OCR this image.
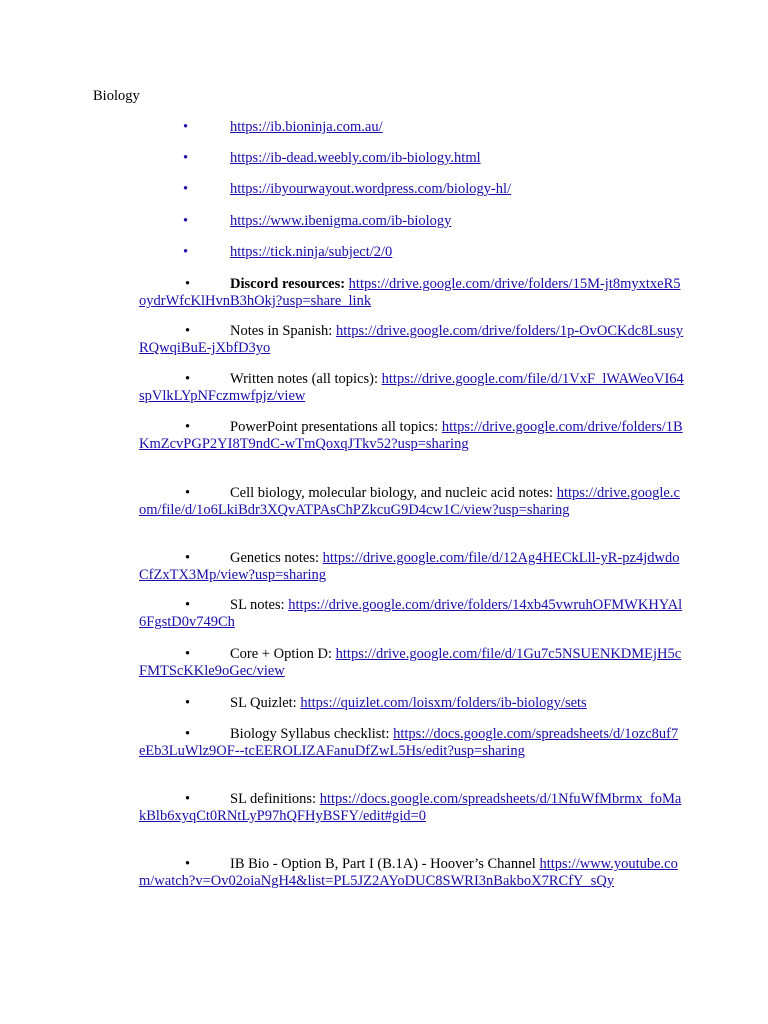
Biology
•	https://ib.bioninja.com.au/
•	https://ib-dead.weebly.com/ib-biology.html
•	https://ibyourwayout.wordpress.com/biology-hl/
•	https://www.ibenigma.com/ib-biology
•	https://tick.ninja/subject/2/0
•	Discord resources: https://drive.google.com/drive/folders/15M-jt8myxtxeR5oydrWfcKlHvnB3hOkj?usp=share_link
•	Notes in Spanish: https://drive.google.com/drive/folders/1p-OvOCKdc8LsusyRQwqiBuE-jXbfD3yo
•	Written notes (all topics): https://drive.google.com/file/d/1VxF_lWAWeoVI64spVlkLYpNFczmwfpjz/view
•	PowerPoint presentations all topics: https://drive.google.com/drive/folders/1BKmZcvPGP2YI8T9ndC-wTmQoxqJTkv52?usp=sharing
•	Cell biology, molecular biology, and nucleic acid notes: https://drive.google.com/file/d/1o6LkiBdr3XQvATPAsChPZkcuG9D4cw1C/view?usp=sharing
•	Genetics notes: https://drive.google.com/file/d/12Ag4HECkLll-yR-pz4jdwdoCfZxTX3Mp/view?usp=sharing
•	SL notes: https://drive.google.com/drive/folders/14xb45vwruhOFMWKHYAl6FgstD0v749Ch
•	Core + Option D: https://drive.google.com/file/d/1Gu7c5NSUENKDMEjH5cFMTScKKle9oGec/view
•	SL Quizlet: https://quizlet.com/loisxm/folders/ib-biology/sets
•	Biology Syllabus checklist: https://docs.google.com/spreadsheets/d/1ozc8uf7eEb3LuWlz9OF--tcEEROLIZAFanuDfZwL5Hs/edit?usp=sharing
•	SL definitions: https://docs.google.com/spreadsheets/d/1NfuWfMbrmx_foMakBlb6xyqCt0RNtLyP97hQFHyBSFY/edit#gid=0
•	IB Bio - Option B, Part I (B.1A) - Hoover’s Channel https://www.youtube.com/watch?v=Ov02oiaNgH4&list=PL5JZ2AYoDUC8SWRI3nBakboX7RCfY_sQy
